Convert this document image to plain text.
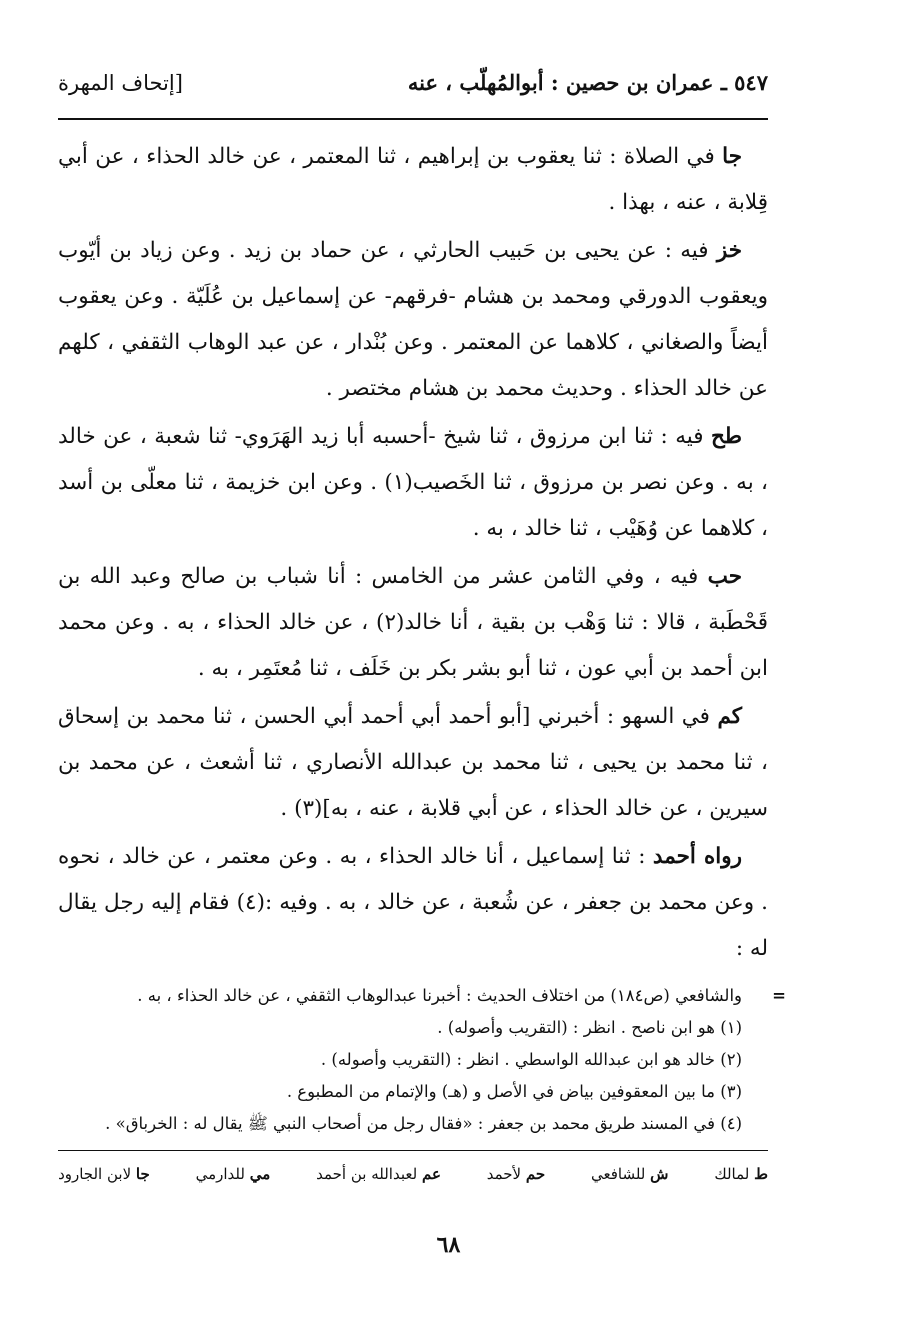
٥٤٧ ـ عمران بن حصين : أبوالمُهلّب ، عنه
[إتحاف المهرة

جا في الصلاة : ثنا يعقوب بن إبراهيم ، ثنا المعتمر ، عن خالد الحذاء ، عن أبي قِلابة ، عنه ، بهذا .

خز فيه : عن يحيى بن حَبيب الحارثي ، عن حماد بن زيد . وعن زياد بن أيّوب ويعقوب الدورقي ومحمد بن هشام -فرقهم- عن إسماعيل بن عُلَيّة . وعن يعقوب أيضاً والصغاني ، كلاهما عن المعتمر . وعن بُنْدار ، عن عبد الوهاب الثقفي ، كلهم عن خالد الحذاء . وحديث محمد بن هشام مختصر .

طح فيه : ثنا ابن مرزوق ، ثنا شيخ -أحسبه أبا زيد الهَرَوي- ثنا شعبة ، عن خالد ، به . وعن نصر بن مرزوق ، ثنا الخَصيب(١) . وعن ابن خزيمة ، ثنا معلّى بن أسد ، كلاهما عن وُهَيْب ، ثنا خالد ، به .

حب فيه ، وفي الثامن عشر من الخامس : أنا شباب بن صالح وعبد الله بن قَحْطَبة ، قالا : ثنا وَهْب بن بقية ، أنا خالد(٢) ، عن خالد الحذاء ، به . وعن محمد ابن أحمد بن أبي عون ، ثنا أبو بشر بكر بن خَلَف ، ثنا مُعتَمِر ، به .

كم في السهو : أخبرني [أبو أحمد أبي أحمد أبي الحسن ، ثنا محمد بن إسحاق ، ثنا محمد بن يحيى ، ثنا محمد بن عبدالله الأنصاري ، ثنا أشعث ، عن محمد بن سيرين ، عن خالد الحذاء ، عن أبي قلابة ، عنه ، به](٣) .

رواه أحمد : ثنا إسماعيل ، أنا خالد الحذاء ، به . وعن معتمر ، عن خالد ، نحوه . وعن محمد بن جعفر ، عن شُعبة ، عن خالد ، به . وفيه :(٤) فقام إليه رجل يقال له :

=
والشافعي (ص١٨٤) من اختلاف الحديث : أخبرنا عبدالوهاب الثقفي ، عن خالد الحذاء ، به .
(١) هو ابن ناصح . انظر : (التقريب وأصوله) .
(٢) خالد هو ابن عبدالله الواسطي . انظر : (التقريب وأصوله) .
(٣) ما بين المعقوفين بياض في الأصل و (هـ) والإتمام من المطبوع .
(٤) في المسند طريق محمد بن جعفر : «فقال رجل من أصحاب النبي ﷺ يقال له : الخرباق» .
ط لمالك
ش للشافعي
حم لأحمد
عم لعبدالله بن أحمد
مي للدارمي
جا لابن الجارود
٦٨
